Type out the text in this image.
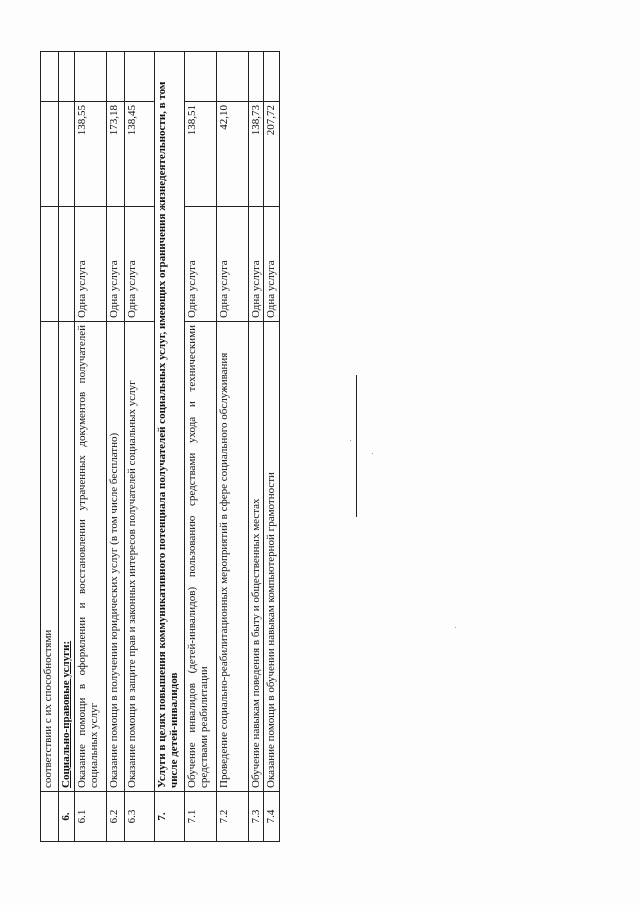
	соответствии с их способностями			
6.	Социально-правовые услуги:			
6.1	Оказание помощи в оформлении и восстановлении утраченных документов получателей социальных услуг	Одна услуга	138,55	
6.2	Оказание помощи в получении юридических услуг (в том числе бесплатно)	Одна услуга	173,18	
6.3	Оказание помощи в защите прав и законных интересов получателей социальных услуг	Одна услуга	138,45	
7.	Услуги в целях повышения коммуникативного потенциала получателей социальных услуг, имеющих ограничения жизнедеятельности, в том числе детей-инвалидов			
7.1	Обучение инвалидов (детей-инвалидов) пользованию средствами ухода и техническими средствами реабилитации	Одна услуга	138,51	
7.2	Проведение социально-реабилитационных мероприятий в сфере социального обслуживания	Одна услуга	42,10	
7.3	Обучение навыкам поведения в быту и общественных местах	Одна услуга	138,73	
7.4	Оказание помощи в обучении навыкам компьютерной грамотности	Одна услуга	207,72	
